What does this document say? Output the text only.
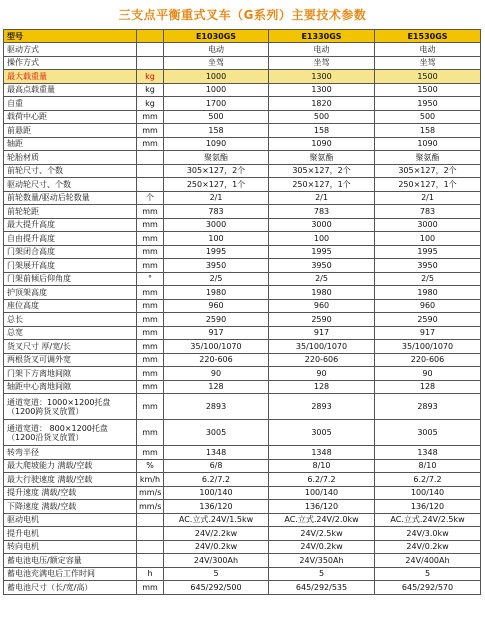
三支点平衡重式叉车（G系列）主要技术参数
型号		E1030GS	E1330GS	E1530GS
驱动方式		电动	电动	电动
操作方式		坐驾	坐驾	坐驾
最大载重量	kg	1000	1300	1500
最高点载重量	kg	1000	1300	1500
自重	kg	1700	1820	1950
载荷中心距	mm	500	500	500
前悬距	mm	158	158	158
轴距	mm	1090	1090	1090
轮胎材质		聚氨酯	聚氨酯	聚氨酯
前轮尺寸、个数		305×127，2个	305×127，2个	305×127，2个
驱动轮尺寸、个数		250×127，1个	250×127，1个	250×127，1个
前轮数量/驱动后轮数量	个	2/1	2/1	2/1
前轮轮距	mm	783	783	783
最大提升高度	mm	3000	3000	3000
自由提升高度	mm	100	100	100
门架闭合高度	mm	1995	1995	1995
门架展开高度	mm	3950	3950	3950
门架前倾后仰角度	°	2/5	2/5	2/5
护顶架高度	mm	1980	1980	1980
座位高度	mm	960	960	960
总长	mm	2590	2590	2590
总宽	mm	917	917	917
货叉尺寸 厚/宽/长	mm	35/100/1070	35/100/1070	35/100/1070
两根货叉可调外宽	mm	220-606	220-606	220-606
门架下方离地间隙	mm	90	90	90
轴距中心离地间隙	mm	128	128	128
通道宽道：1000×1200托盘
（1200跨货叉放置）	mm	2893	2893	2893
通道宽道： 800×1200托盘
（1200沿货叉放置）	mm	3005	3005	3005
转弯半径	mm	1348	1348	1348
最大爬坡能力 满载/空载	%	6/8	8/10	8/10
最大行驶速度 满载/空载	km/h	6.2/7.2	6.2/7.2	6.2/7.2
提升速度 满载/空载	mm/s	100/140	100/140	100/140
下降速度 满载/空载	mm/s	136/120	136/120	136/120
驱动电机		AC.立式.24V/1.5kw	AC.立式.24V/2.0kw	AC.立式.24V/2.5kw
提升电机		24V/2.2kw	24V/2.5kw	24V/3.0kw
转向电机		24V/0.2kw	24V/0.2kw	24V/0.2kw
蓄电池电压/额定容量		24V/300Ah	24V/350Ah	24V/400Ah
蓄电池充满电后工作时间	h	5	5	5
蓄电池尺寸（长/宽/高）	mm	645/292/500	645/292/535	645/292/570
